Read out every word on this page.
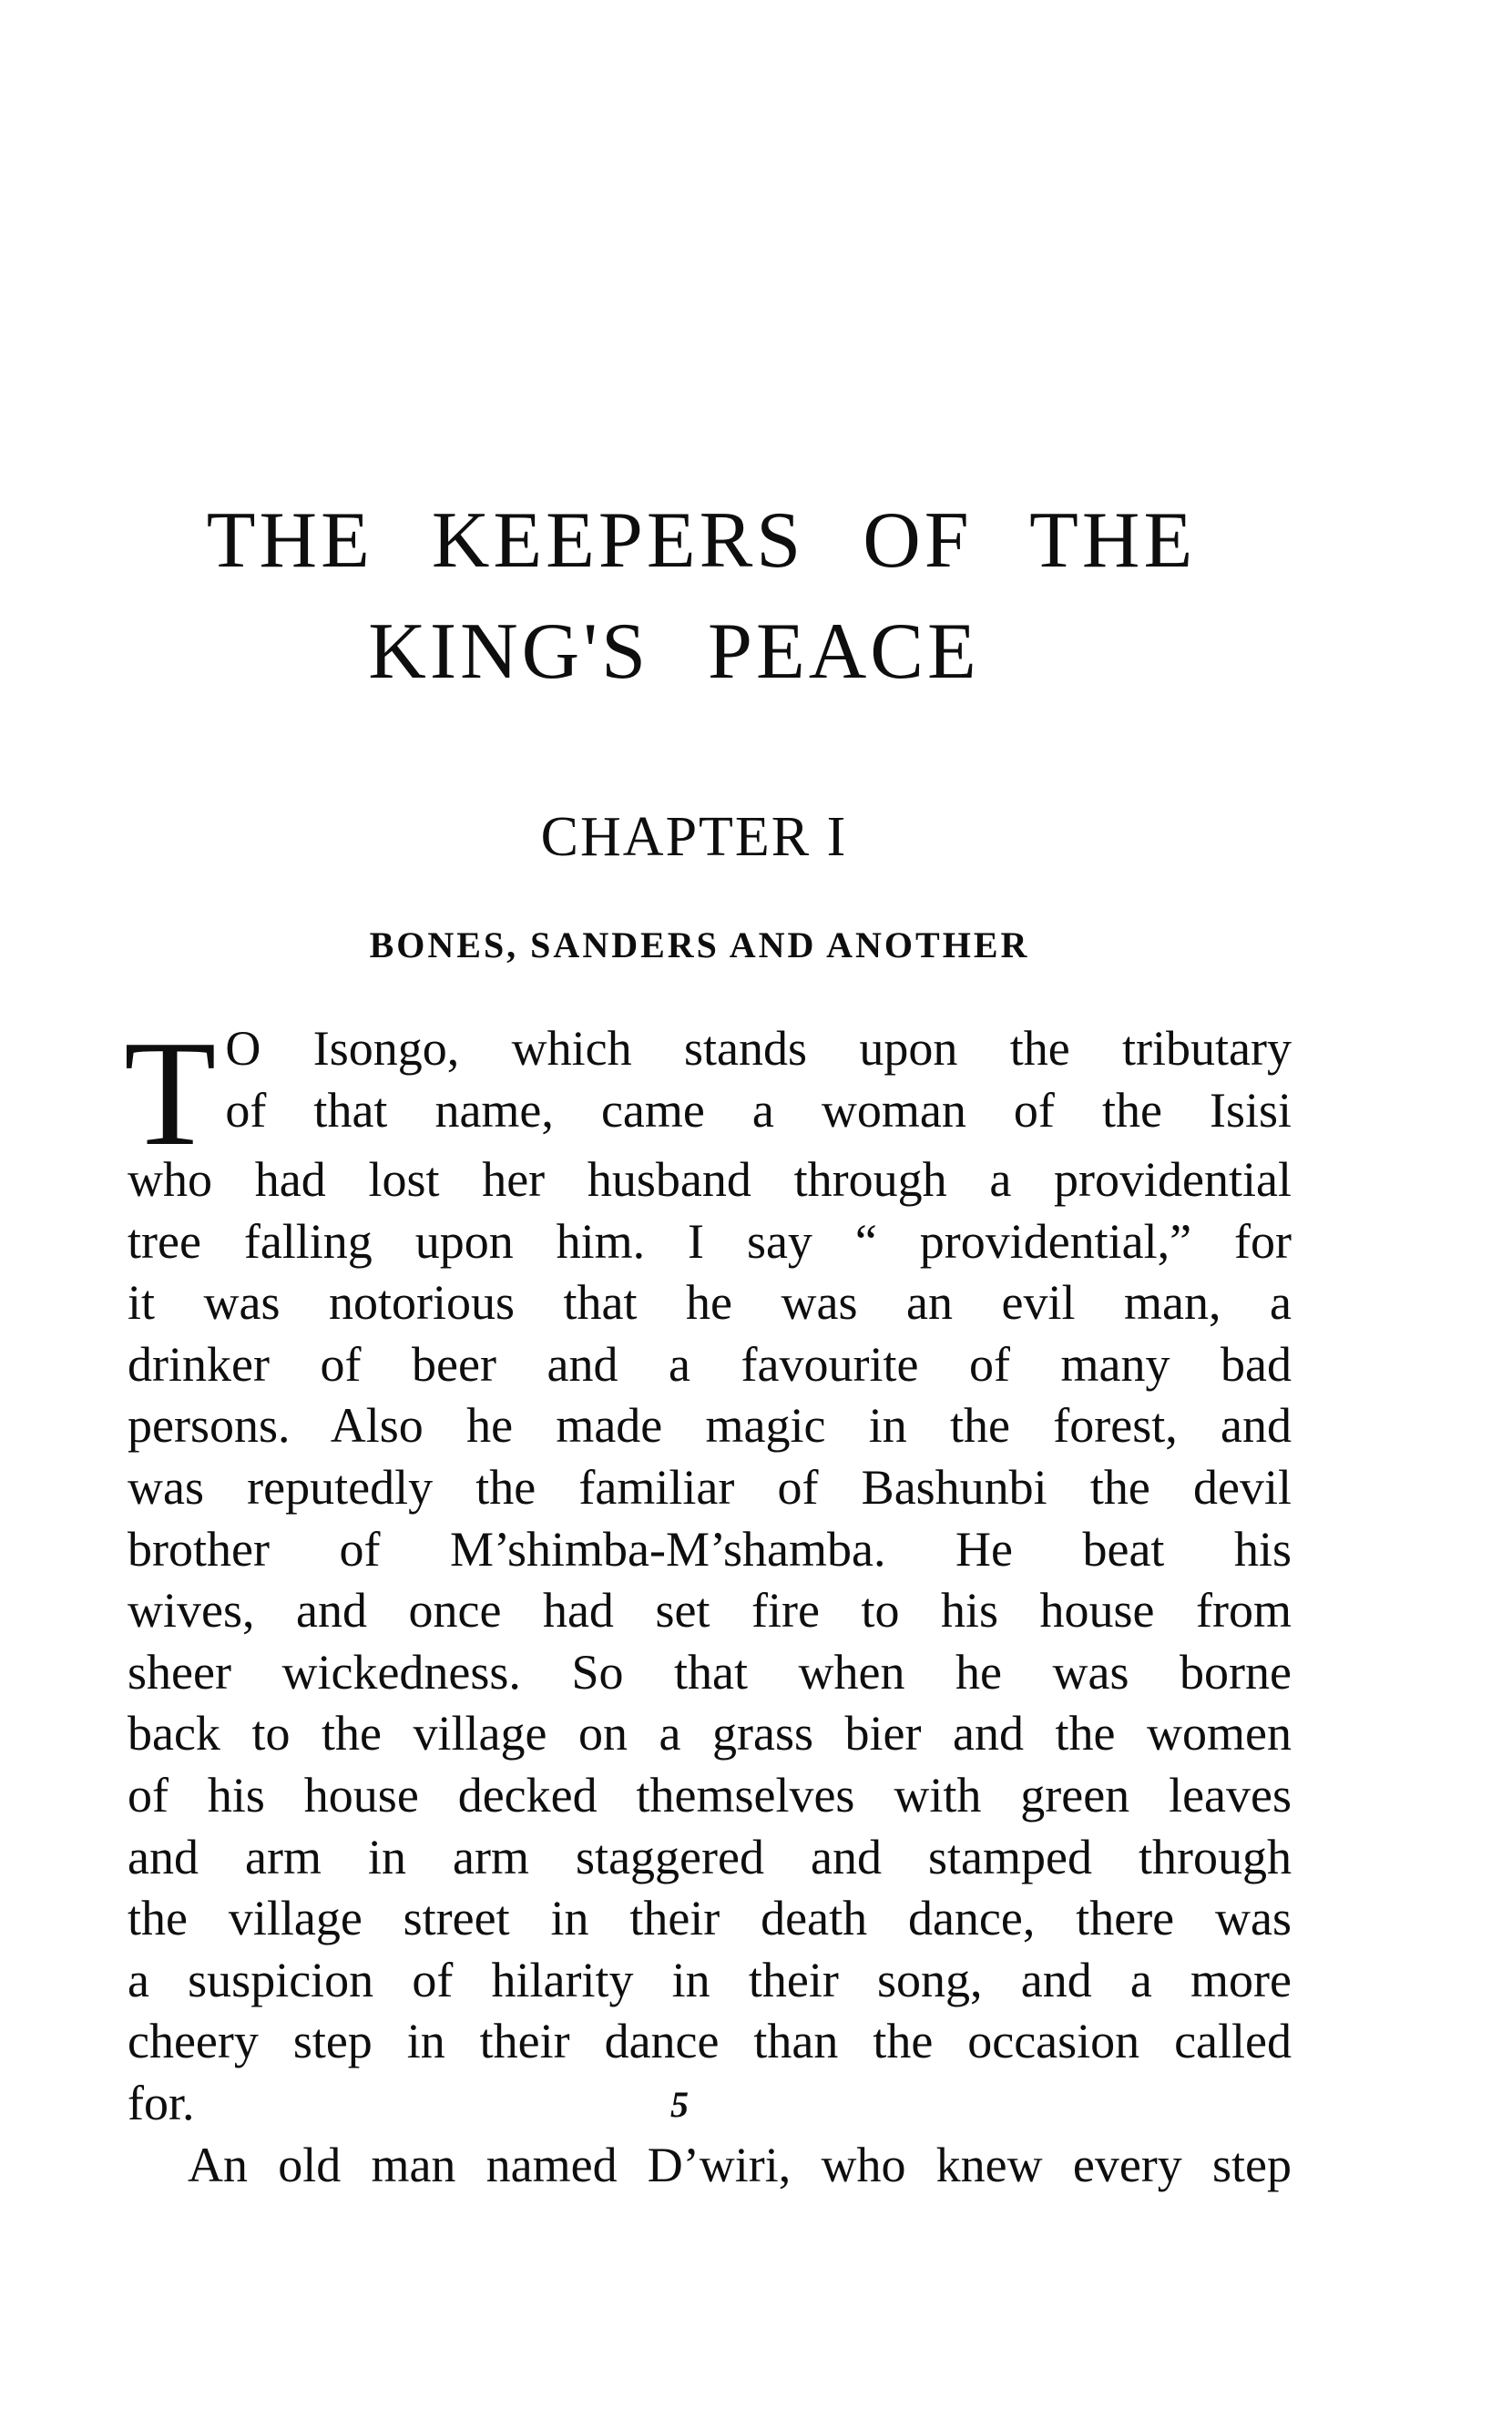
THE KEEPERS OF THE
KING'S PEACE
CHAPTER I
BONES, SANDERS AND ANOTHER
T O Isongo, which stands upon the tributary
of that name, came a woman of the Isisi
who had lost her husband through a providential
tree falling upon him. I say “ providential,” for
it was notorious that he was an evil man, a
drinker of beer and a favourite of many bad
persons. Also he made magic in the forest, and
was reputedly the familiar of Bashunbi the devil
brother of M’shimba-M’shamba. He beat his
wives, and once had set fire to his house from
sheer wickedness. So that when he was borne
back to the village on a grass bier and the women
of his house decked themselves with green leaves
and arm in arm staggered and stamped through
the village street in their death dance, there was
a suspicion of hilarity in their song, and a more
cheery step in their dance than the occasion called
for.
An old man named D’wiri, who knew every step
5
